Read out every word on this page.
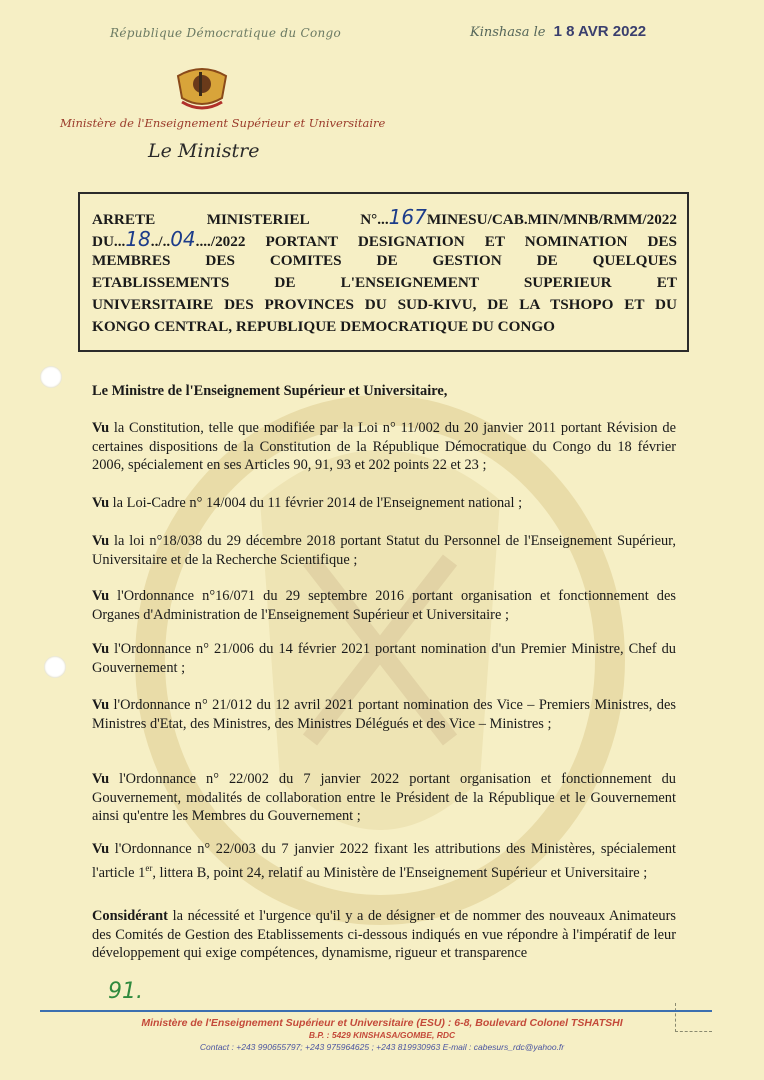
République Démocratique du Congo	Kinshasa le 1 8 AVR 2022
Ministère de l'Enseignement Supérieur et Universitaire
Le Ministre
ARRETE	MINISTERIEL	N°...167MINESU/CAB.MIN/MNB/RMM/2022
DU...18../..04..../2022 PORTANT DESIGNATION ET NOMINATION DES
MEMBRES DES COMITES DE GESTION DE QUELQUES
ETABLISSEMENTS DE L'ENSEIGNEMENT SUPERIEUR ET
UNIVERSITAIRE DES PROVINCES DU SUD-KIVU, DE LA TSHOPO ET DU
KONGO CENTRAL, REPUBLIQUE DEMOCRATIQUE DU CONGO
Le Ministre de l'Enseignement Supérieur et Universitaire,
Vu la Constitution, telle que modifiée par la Loi n° 11/002 du 20 janvier 2011 portant Révision de certaines dispositions de la Constitution de la République Démocratique du Congo du 18 février 2006, spécialement en ses Articles 90, 91, 93 et 202 points 22 et 23 ;
Vu la Loi-Cadre n° 14/004 du 11 février 2014 de l'Enseignement national ;
Vu la loi n°18/038 du 29 décembre 2018 portant Statut du Personnel de l'Enseignement Supérieur, Universitaire et de la Recherche Scientifique ;
Vu l'Ordonnance n°16/071 du 29 septembre 2016 portant organisation et fonctionnement des Organes d'Administration de l'Enseignement Supérieur et Universitaire ;
Vu l'Ordonnance n° 21/006 du 14 février 2021 portant nomination d'un Premier Ministre, Chef du Gouvernement ;
Vu l'Ordonnance n° 21/012 du 12 avril 2021 portant nomination des Vice – Premiers Ministres, des Ministres d'Etat, des Ministres, des Ministres Délégués et des Vice – Ministres ;
Vu l'Ordonnance n° 22/002 du 7 janvier 2022 portant organisation et fonctionnement du Gouvernement, modalités de collaboration entre le Président de la République et le Gouvernement ainsi qu'entre les Membres du Gouvernement ;
Vu l'Ordonnance n° 22/003 du 7 janvier 2022 fixant les attributions des Ministères, spécialement l'article 1er, littera B, point 24, relatif au Ministère de l'Enseignement Supérieur et Universitaire ;
Considérant la nécessité et l'urgence qu'il y a de désigner et de nommer des nouveaux Animateurs des Comités de Gestion des Etablissements ci-dessous indiqués en vue répondre à l'impératif de leur développement qui exige compétences, dynamisme, rigueur et transparence
91.
Ministère de l'Enseignement Supérieur et Universitaire (ESU) : 6-8, Boulevard Colonel TSHATSHI
B.P. : 5429 KINSHASA/GOMBE, RDC
Contact : +243 990655797; +243 975964625 ; +243 819930963 E-mail : cabesurs_rdc@yahoo.fr
